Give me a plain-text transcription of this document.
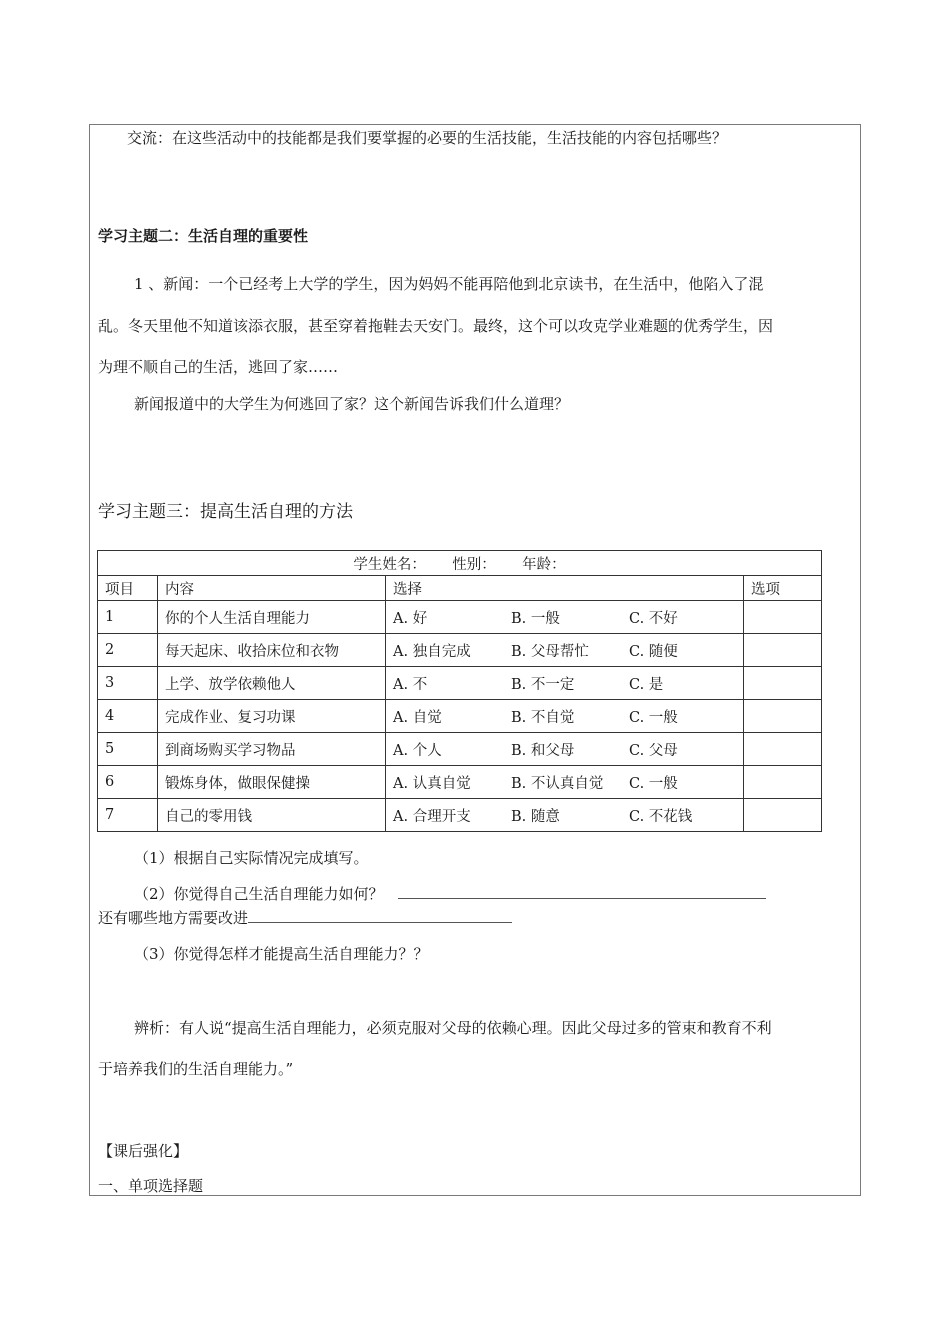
交流：在这些活动中的技能都是我们要掌握的必要的生活技能，生活技能的内容包括哪些？
学习主题二：生活自理的重要性
1 、新闻：一个已经考上大学的学生，因为妈妈不能再陪他到北京读书，在生活中，他陷入了混
乱。冬天里他不知道该添衣服，甚至穿着拖鞋去天安门。最终，这个可以攻克学业难题的优秀学生，因
为理不顺自己的生活，逃回了家……
新闻报道中的大学生为何逃回了家？这个新闻告诉我们什么道理？
学习主题三：提高生活自理的方法
学生姓名：　　 性别：　　 年龄：			
项目	内容	选择	选项
1	你的个人生活自理能力	A. 好 B. 一般 C. 不好	
2	每天起床、收拾床位和衣物	A. 独自完成 B. 父母帮忙 C. 随便	
3	上学、放学依赖他人	A. 不 B. 不一定 C. 是	
4	完成作业、复习功课	A. 自觉 B. 不自觉 C. 一般	
5	到商场购买学习物品	A. 个人 B. 和父母 C. 父母	
6	锻炼身体，做眼保健操	A. 认真自觉 B. 不认真自觉 C. 一般	
7	自己的零用钱	A. 合理开支 B. 随意 C. 不花钱	
（1）根据自己实际情况完成填写。
（2）你觉得自己生活自理能力如何？
还有哪些地方需要改进
（3）你觉得怎样才能提高生活自理能力？？
辨析：有人说“提高生活自理能力，必须克服对父母的依赖心理。因此父母过多的管束和教育不利
于培养我们的生活自理能力。”
【课后强化】
一、单项选择题
